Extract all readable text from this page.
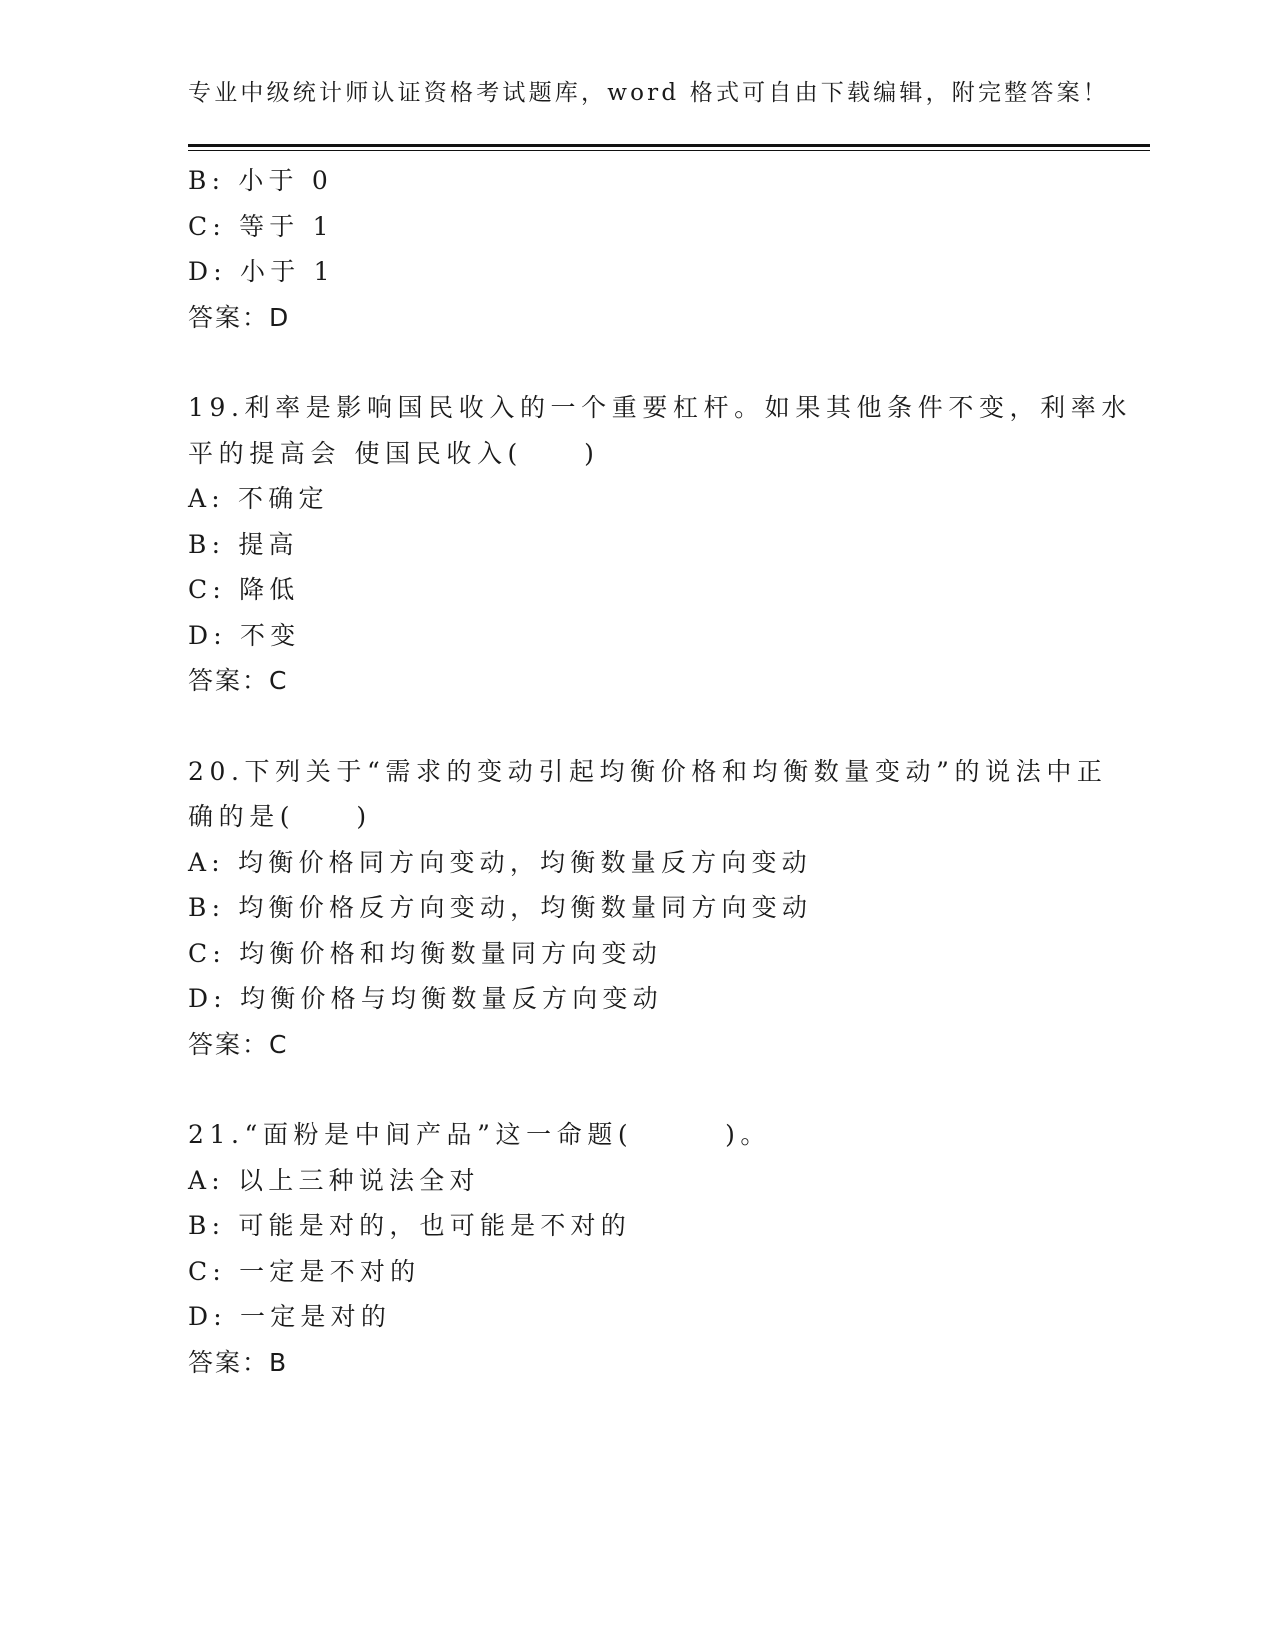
专业中级统计师认证资格考试题库，word 格式可自由下载编辑，附完整答案！
B: 小于 0
C: 等于 1
D: 小于 1
答案：D
19.利率是影响国民收入的一个重要杠杆。如果其他条件不变，利率水
平的提高会 使国民收入(　　)
A: 不确定
B: 提高
C: 降低
D: 不变
答案：C
20.下列关于“需求的变动引起均衡价格和均衡数量变动”的说法中正
确的是(　　)
A: 均衡价格同方向变动，均衡数量反方向变动
B: 均衡价格反方向变动，均衡数量同方向变动
C: 均衡价格和均衡数量同方向变动
D: 均衡价格与均衡数量反方向变动
答案：C
21.“面粉是中间产品”这一命题(　　　)。
A: 以上三种说法全对
B: 可能是对的，也可能是不对的
C: 一定是不对的
D: 一定是对的
答案：B
